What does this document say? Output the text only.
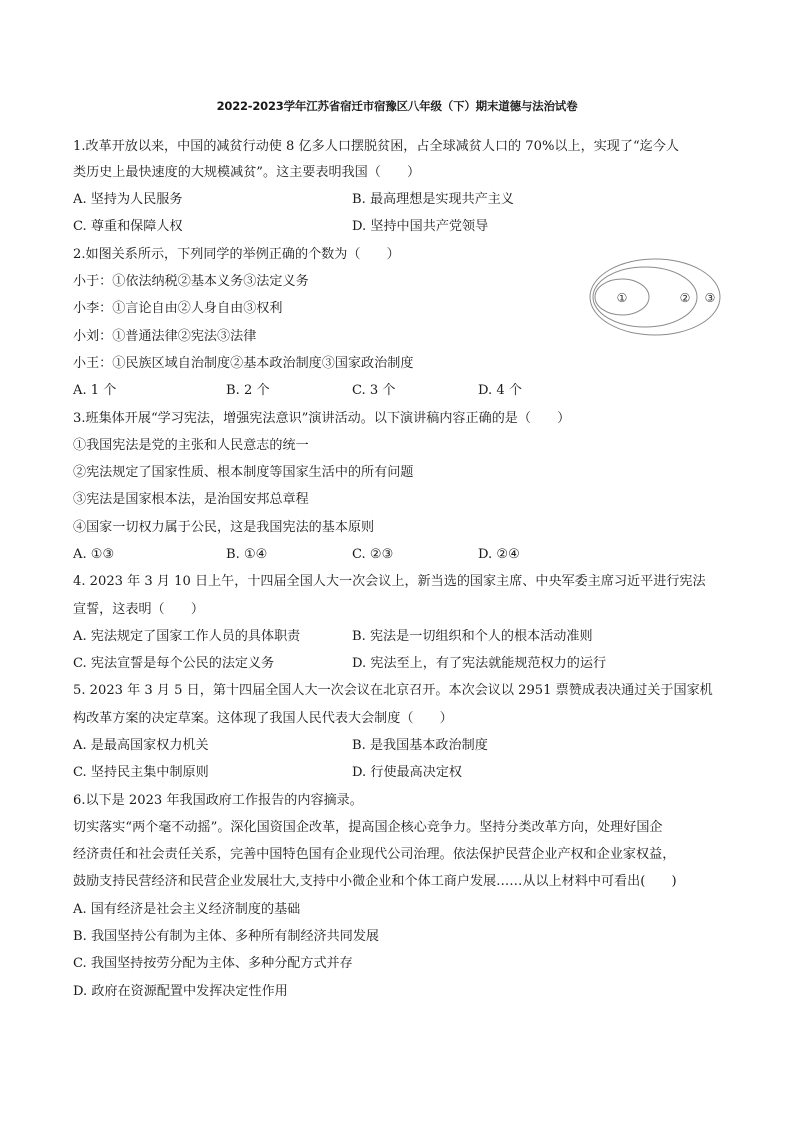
2022-2023学年江苏省宿迁市宿豫区八年级（下）期末道德与法治试卷
1.改革开放以来，中国的减贫行动使 8 亿多人口摆脱贫困，占全球减贫人口的 70%以上，实现了“迄今人
类历史上最快速度的大规模减贫”。这主要表明我国（　　）
A. 坚持为人民服务	B. 最高理想是实现共产主义
C. 尊重和保障人权	D. 坚持中国共产党领导
2.如图关系所示，下列同学的举例正确的个数为（　　）
小于：①依法纳税②基本义务③法定义务
小李：①言论自由②人身自由③权利
小刘：①普通法律②宪法③法律
小王：①民族区域自治制度②基本政治制度③国家政治制度
A. 1 个	B. 2 个	C. 3 个	D. 4 个
①	② ③
3.班集体开展“学习宪法，增强宪法意识”演讲活动。以下演讲稿内容正确的是（　　）
①我国宪法是党的主张和人民意志的统一
②宪法规定了国家性质、根本制度等国家生活中的所有问题
③宪法是国家根本法，是治国安邦总章程
④国家一切权力属于公民，这是我国宪法的基本原则
A. ①③	B. ①④	C. ②③	D. ②④
4. 2023 年 3 月 10 日上午，十四届全国人大一次会议上，新当选的国家主席、中央军委主席习近平进行宪法
宣誓，这表明（　　）
A. 宪法规定了国家工作人员的具体职责	B. 宪法是一切组织和个人的根本活动准则
C. 宪法宣誓是每个公民的法定义务	D. 宪法至上，有了宪法就能规范权力的运行
5. 2023 年 3 月 5 日，第十四届全国人大一次会议在北京召开。本次会议以 2951 票赞成表决通过关于国家机
构改革方案的决定草案。这体现了我国人民代表大会制度（　　）
A. 是最高国家权力机关	B. 是我国基本政治制度
C. 坚持民主集中制原则	D. 行使最高决定权
6.以下是 2023 年我国政府工作报告的内容摘录。
切实落实“两个毫不动摇”。深化国资国企改革，提高国企核心竞争力。坚持分类改革方向，处理好国企
经济责任和社会责任关系，完善中国特色国有企业现代公司治理。依法保护民营企业产权和企业家权益，
鼓励支持民营经济和民营企业发展壮大,支持中小微企业和个体工商户发展……从以上材料中可看出(　　)
A. 国有经济是社会主义经济制度的基础
B. 我国坚持公有制为主体、多种所有制经济共同发展
C. 我国坚持按劳分配为主体、多种分配方式并存
D. 政府在资源配置中发挥决定性作用
